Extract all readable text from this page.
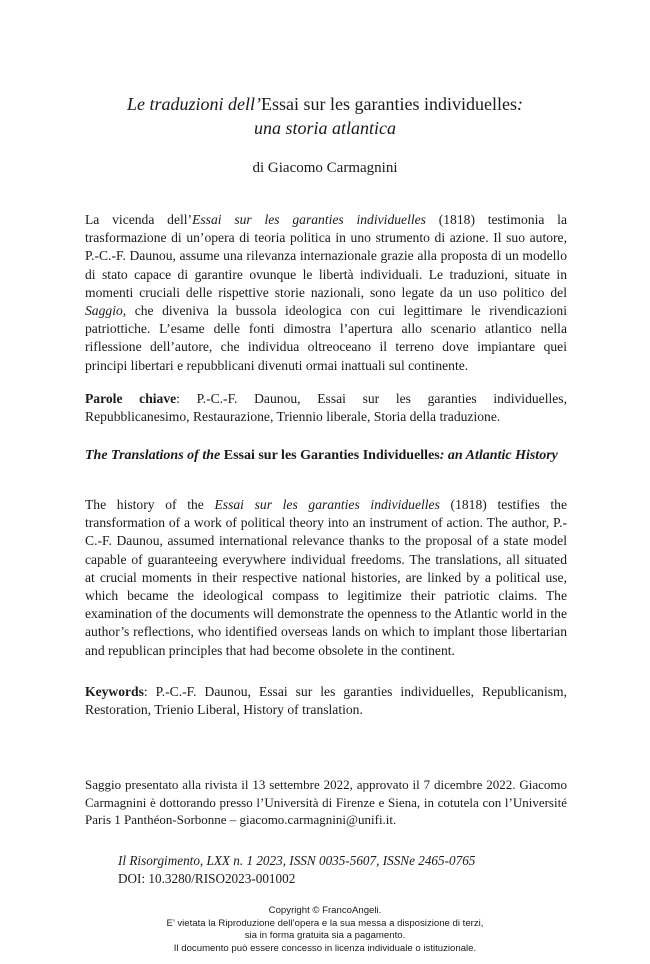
Le traduzioni dell’Essai sur les garanties individuelles:
una storia atlantica
di Giacomo Carmagnini
La vicenda dell’Essai sur les garanties individuelles (1818) testimonia la trasformazione di un’opera di teoria politica in uno strumento di azione. Il suo autore, P.-C.-F. Daunou, assume una rilevanza internazionale grazie alla proposta di un modello di stato capace di garantire ovunque le libertà individuali. Le traduzioni, situate in momenti cruciali delle rispettive storie nazionali, sono legate da un uso politico del Saggio, che diveniva la bussola ideologica con cui legittimare le rivendicazioni patriottiche. L’esame delle fonti dimostra l’apertura allo scenario atlantico nella riflessione dell’autore, che individua oltreoceano il terreno dove impiantare quei principi libertari e repubblicani divenuti ormai inattuali sul continente.
Parole chiave: P.-C.-F. Daunou, Essai sur les garanties individuelles, Repubblicanesimo, Restaurazione, Triennio liberale, Storia della traduzione.
The Translations of the Essai sur les Garanties Individuelles: an Atlantic History
The history of the Essai sur les garanties individuelles (1818) testifies the transformation of a work of political theory into an instrument of action. The author, P.-C.-F. Daunou, assumed international relevance thanks to the proposal of a state model capable of guaranteeing everywhere individual freedoms. The translations, all situated at crucial moments in their respective national histories, are linked by a political use, which became the ideological compass to legitimize their patriotic claims. The examination of the documents will demonstrate the openness to the Atlantic world in the author’s reflections, who identified overseas lands on which to implant those libertarian and republican principles that had become obsolete in the continent.
Keywords: P.-C.-F. Daunou, Essai sur les garanties individuelles, Republicanism, Restoration, Trienio Liberal, History of translation.
Saggio presentato alla rivista il 13 settembre 2022, approvato il 7 dicembre 2022. Giacomo Carmagnini è dottorando presso l’Università di Firenze e Siena, in cotutela con l’Université Paris 1 Panthéon-Sorbonne – giacomo.carmagnini@unifi.it.
Il Risorgimento, LXX n. 1 2023, ISSN 0035-5607, ISSNe 2465-0765
DOI: 10.3280/RISO2023-001002
Copyright © FrancoAngeli.
E’ vietata la Riproduzione dell’opera e la sua messa a disposizione di terzi,
sia in forma gratuita sia a pagamento.
Il documento può essere concesso in licenza individuale o istituzionale.
